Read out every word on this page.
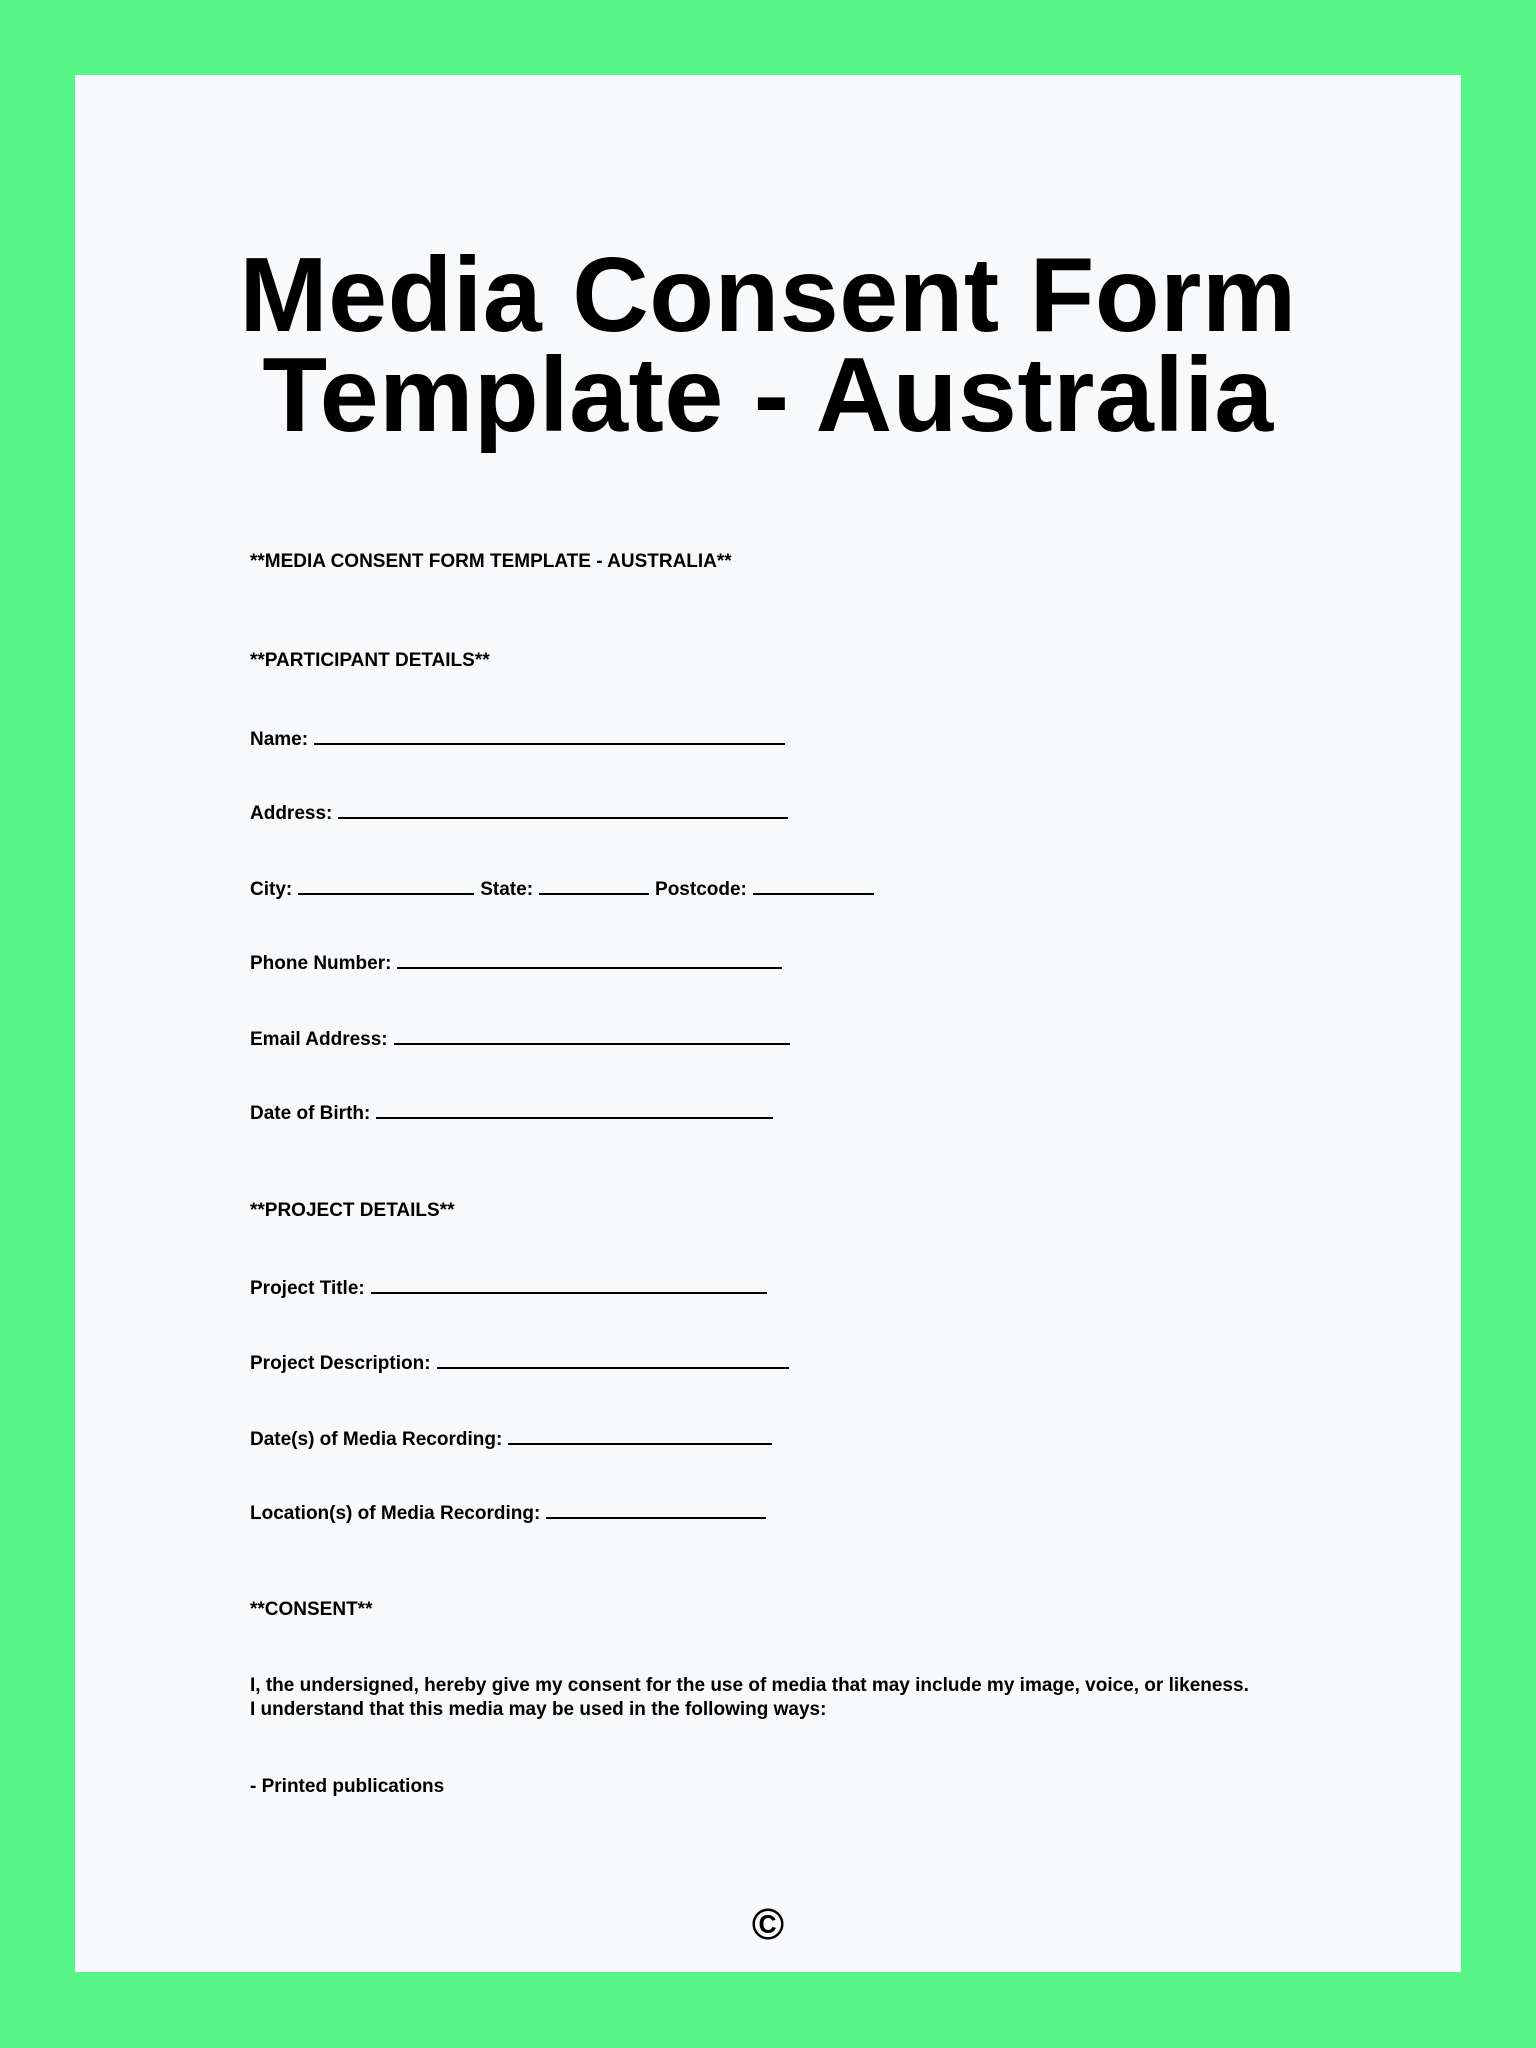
Media Consent Form
Template - Australia
**MEDIA CONSENT FORM TEMPLATE - AUSTRALIA**
**PARTICIPANT DETAILS**
Name:
Address:
City:	State:	Postcode:
Phone Number:
Email Address:
Date of Birth:
**PROJECT DETAILS**
Project Title:
Project Description:
Date(s) of Media Recording:
Location(s) of Media Recording:
**CONSENT**
I, the undersigned, hereby give my consent for the use of media that may include my image, voice, or likeness. I understand that this media may be used in the following ways:
- Printed publications
©
